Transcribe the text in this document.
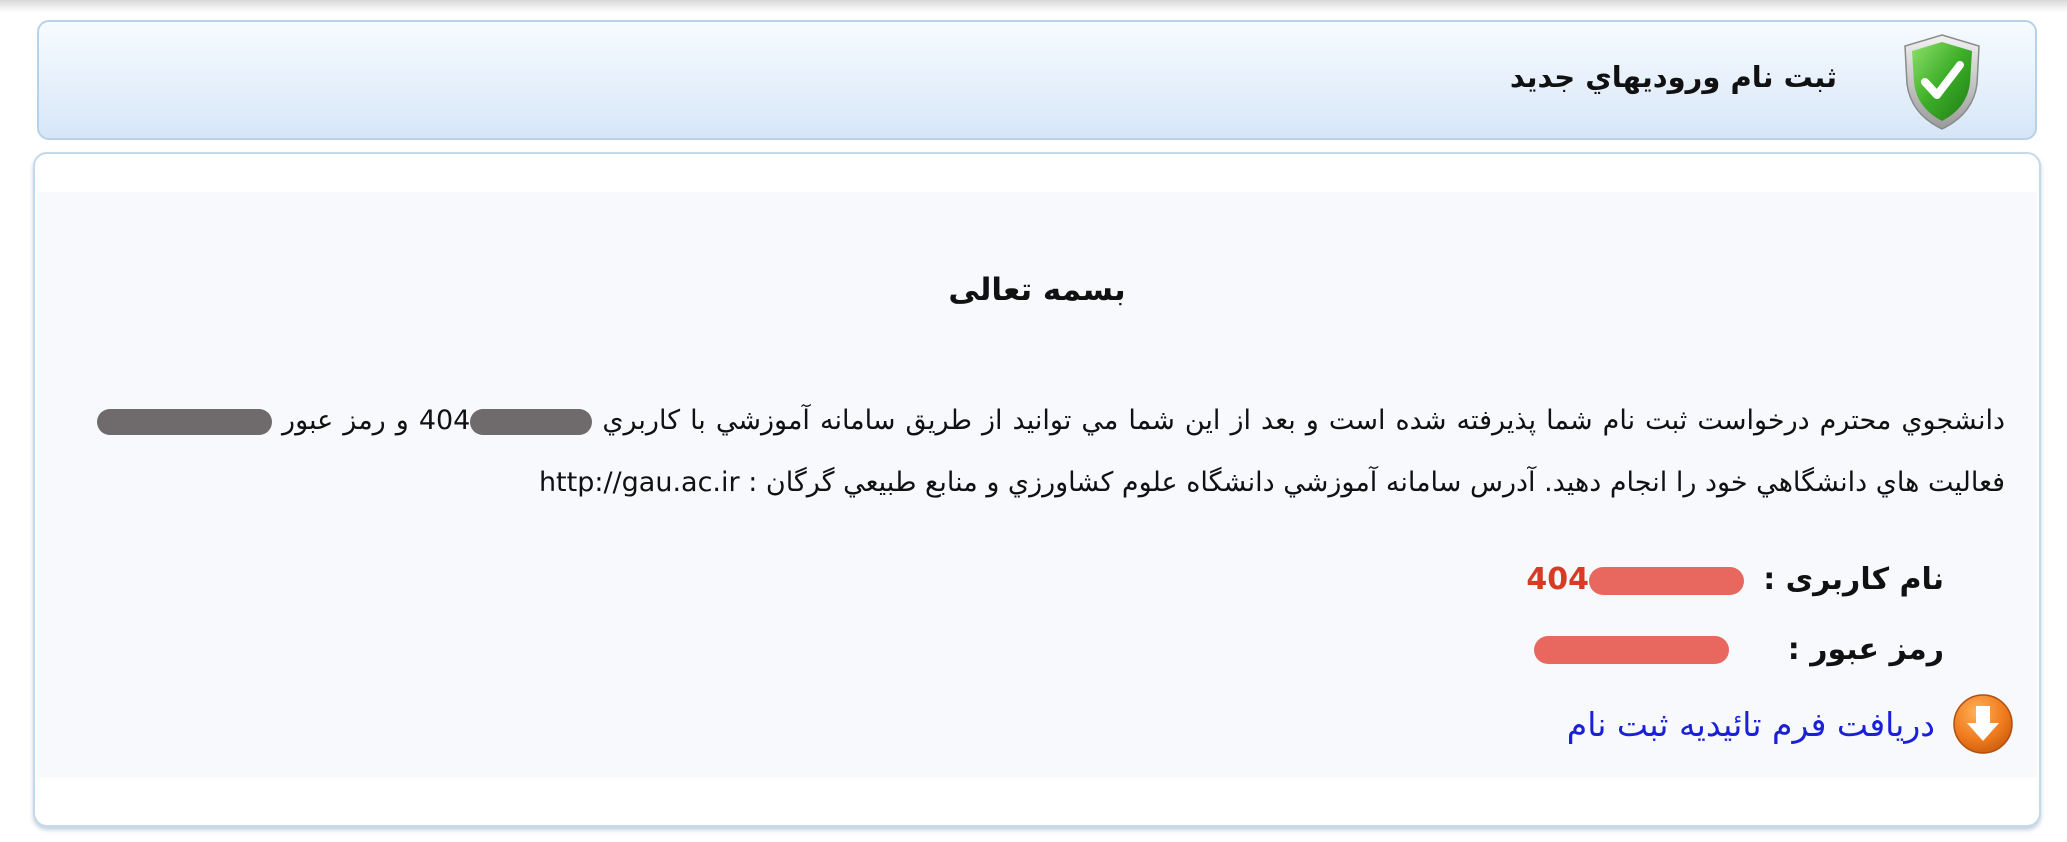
ثبت نام وروديهاي جديد
بسمه تعالی
دانشجوي محترم درخواست ثبت نام شما پذيرفته شده است و بعد از اين شما مي توانيد از طريق سامانه آموزشي با كاربري 404 و رمز عبور  فعاليت هاي دانشگاهي خود را انجام دهيد. آدرس سامانه آموزشي دانشگاه علوم كشاورزي و منابع طبيعي گرگان : http://gau.ac.ir
نام کاربری :404
رمز عبور :
دريافت فرم تائيديه ثبت نام
